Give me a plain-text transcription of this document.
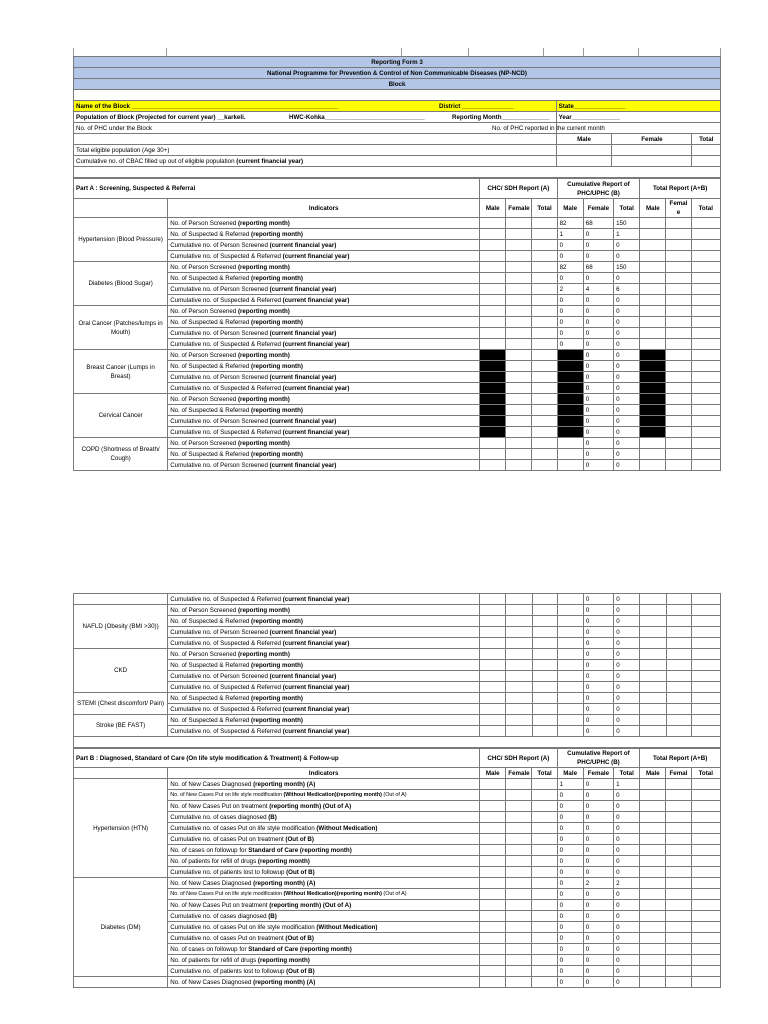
Reporting Form 3			
National Programme for Prevention & Control of Non Communicable Diseases (NP-NCD)			
Block			

Name of the Block ____________________________________________________________ District _______________	State_______________		
Population of Block (Projected for current year) __karkeli. HWC-Kohka_____________________________ Reporting Month______________	Year______________		
No. of PHC under the Block No. of PHC reported in the current month			

	Male	Female	Total
Total eligible population (Age 30+)			
Cumulative no. of CBAC filled up out of eligible population (current financial year)			

Part A : Screening, Suspected & Referral		CHC/ SDH Report (A)			Cumulative Report of PHC/UPHC (B)			Total Report (A+B)		
	Indicators	Male	Female	Total	Male	Female	Total	Male	Femal e	Total
Hypertension (Blood Pressure)	No. of Person Screened (reporting month)				82	68	150			
	No. of Suspected & Referred (reporting month)				1	0	1			
	Cumulative no. of Person Screened (current financial year)				0	0	0			
	Cumulative no. of Suspected & Referred (current financial year)				0	0	0			
Diabetes (Blood Sugar)	No. of Person Screened (reporting month)				82	68	150			
	No. of Suspected & Referred (reporting month)				0	0	0			
	Cumulative no. of Person Screened (current financial year)				2	4	6			
	Cumulative no. of Suspected & Referred (current financial year)				0	0	0			
Oral Cancer (Patches/lumps in Mouth)	No. of Person Screened (reporting month)				0	0	0			
	No. of Suspected & Referred (reporting month)				0	0	0			
	Cumulative no. of Person Screened (current financial year)				0	0	0			
	Cumulative no. of Suspected & Referred (current financial year)				0	0	0			
Breast Cancer (Lumps in Breast)	No. of Person Screened (reporting month)					0	0			
	No. of Suspected & Referred (reporting month)					0	0			
	Cumulative no. of Person Screened (current financial year)					0	0			
	Cumulative no. of Suspected & Referred (current financial year)					0	0			
Cervical Cancer	No. of Person Screened (reporting month)					0	0			
	No. of Suspected & Referred (reporting month)					0	0			
	Cumulative no. of Person Screened (current financial year)					0	0			
	Cumulative no. of Suspected & Referred (current financial year)					0	0			
COPD (Shortness of Breath/ Cough)	No. of Person Screened (reporting month)					0	0			
	No. of Suspected & Referred (reporting month)					0	0			
	Cumulative no. of Person Screened (current financial year)					0	0			
	Cumulative no. of Suspected & Referred (current financial year)					0	0			
NAFLD (Obesity (BMI >30))	No. of Person Screened (reporting month)					0	0			
	No. of Suspected & Referred (reporting month)					0	0			
	Cumulative no. of Person Screened (current financial year)					0	0			
	Cumulative no. of Suspected & Referred (current financial year)					0	0			
CKD	No. of Person Screened (reporting month)					0	0			
	No. of Suspected & Referred (reporting month)					0	0			
	Cumulative no. of Person Screened (current financial year)					0	0			
	Cumulative no. of Suspected & Referred (current financial year)					0	0			
STEMI (Chest discomfort/ Pain)	No. of Suspected & Referred (reporting month)					0	0			
	Cumulative no. of Suspected & Referred (current financial year)					0	0			
Stroke (BE FAST)	No. of Suspected & Referred (reporting month)					0	0			
	Cumulative no. of Suspected & Referred (current financial year)					0	0			

Part B : Diagnosed, Standard of Care (On life style modification & Treatment) & Follow-up		CHC/ SDH Report (A)			Cumulative Report of PHC/UPHC (B)			Total Report (A+B)		
	Indicators	Male	Female	Total	Male	Female	Total	Male	Femal	Total
Hypertension (HTN)	No. of New Cases Diagnosed (reporting month) (A)				1	0	1			
	No. of New Cases Put on life style modification (Without Medication)(reporting month) (Out of A)				0	0	0			
	No. of New Cases Put on treatment (reporting month) (Out of A)				0	0	0			
	Cumulative no. of cases diagnosed (B)				0	0	0			
	Cumulative no. of cases Put on life style modification (Without Medication)				0	0	0			
	Cumulative no. of cases Put on treatment (Out of B)				0	0	0			
	No. of cases on followup for Standard of Care (reporting month)				0	0	0			
	No. of patients for refill of drugs (reporting month)				0	0	0			
	Cumulative no. of patients lost to followup (Out of B)				0	0	0			
Diabetes (DM)	No. of New Cases Diagnosed (reporting month) (A)				0	2	2			
	No. of New Cases Put on life style modification (Without Medication)(reporting month) (Out of A)				0	0	0			
	No. of New Cases Put on treatment (reporting month) (Out of A)				0	0	0			
	Cumulative no. of cases diagnosed (B)				0	0	0			
	Cumulative no. of cases Put on life style modification (Without Medication)				0	0	0			
	Cumulative no. of cases Put on treatment (Out of B)				0	0	0			
	No. of cases on followup for Standard of Care (reporting month)				0	0	0			
	No. of patients for refill of drugs (reporting month)				0	0	0			
	Cumulative no. of patients lost to followup (Out of B)				0	0	0			
	No. of New Cases Diagnosed (reporting month) (A)				0	0	0			
